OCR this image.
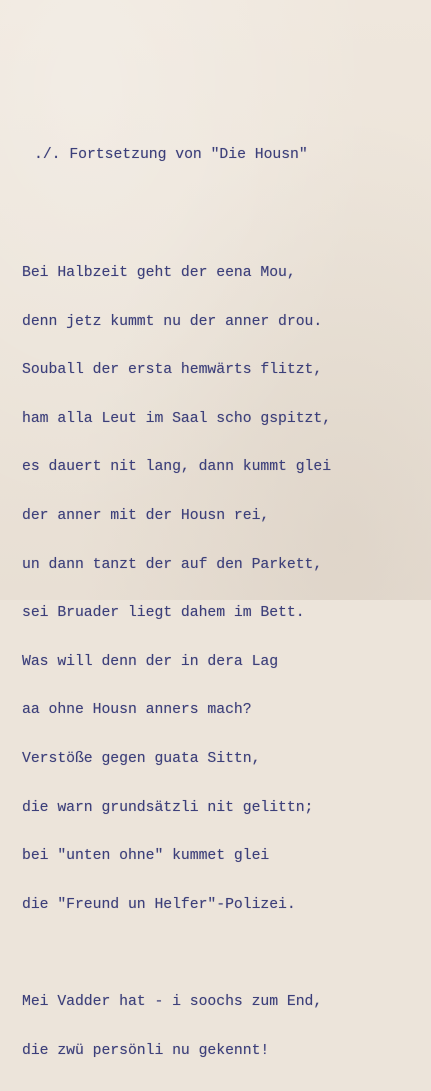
./. Fortsetzung von "Die Housn"

Bei Halbzeit geht der eena Mou,

denn jetz kummt nu der anner drou.

Souball der ersta hemwärts flitzt,

ham alla Leut im Saal scho gspitzt,

es dauert nit lang, dann kummt glei

der anner mit der Housn rei,

un dann tanzt der auf den Parkett,

sei Bruader liegt dahem im Bett.

Was will denn der in dera Lag

aa ohne Housn anners mach?

Verstöße gegen guata Sittn,

die warn grundsätzli nit gelittn;

bei "unten ohne" kummet glei

die "Freund un Helfer"-Polizei.

Mei Vadder hat - i soochs zum End,

die zwü persönli nu gekennt!
